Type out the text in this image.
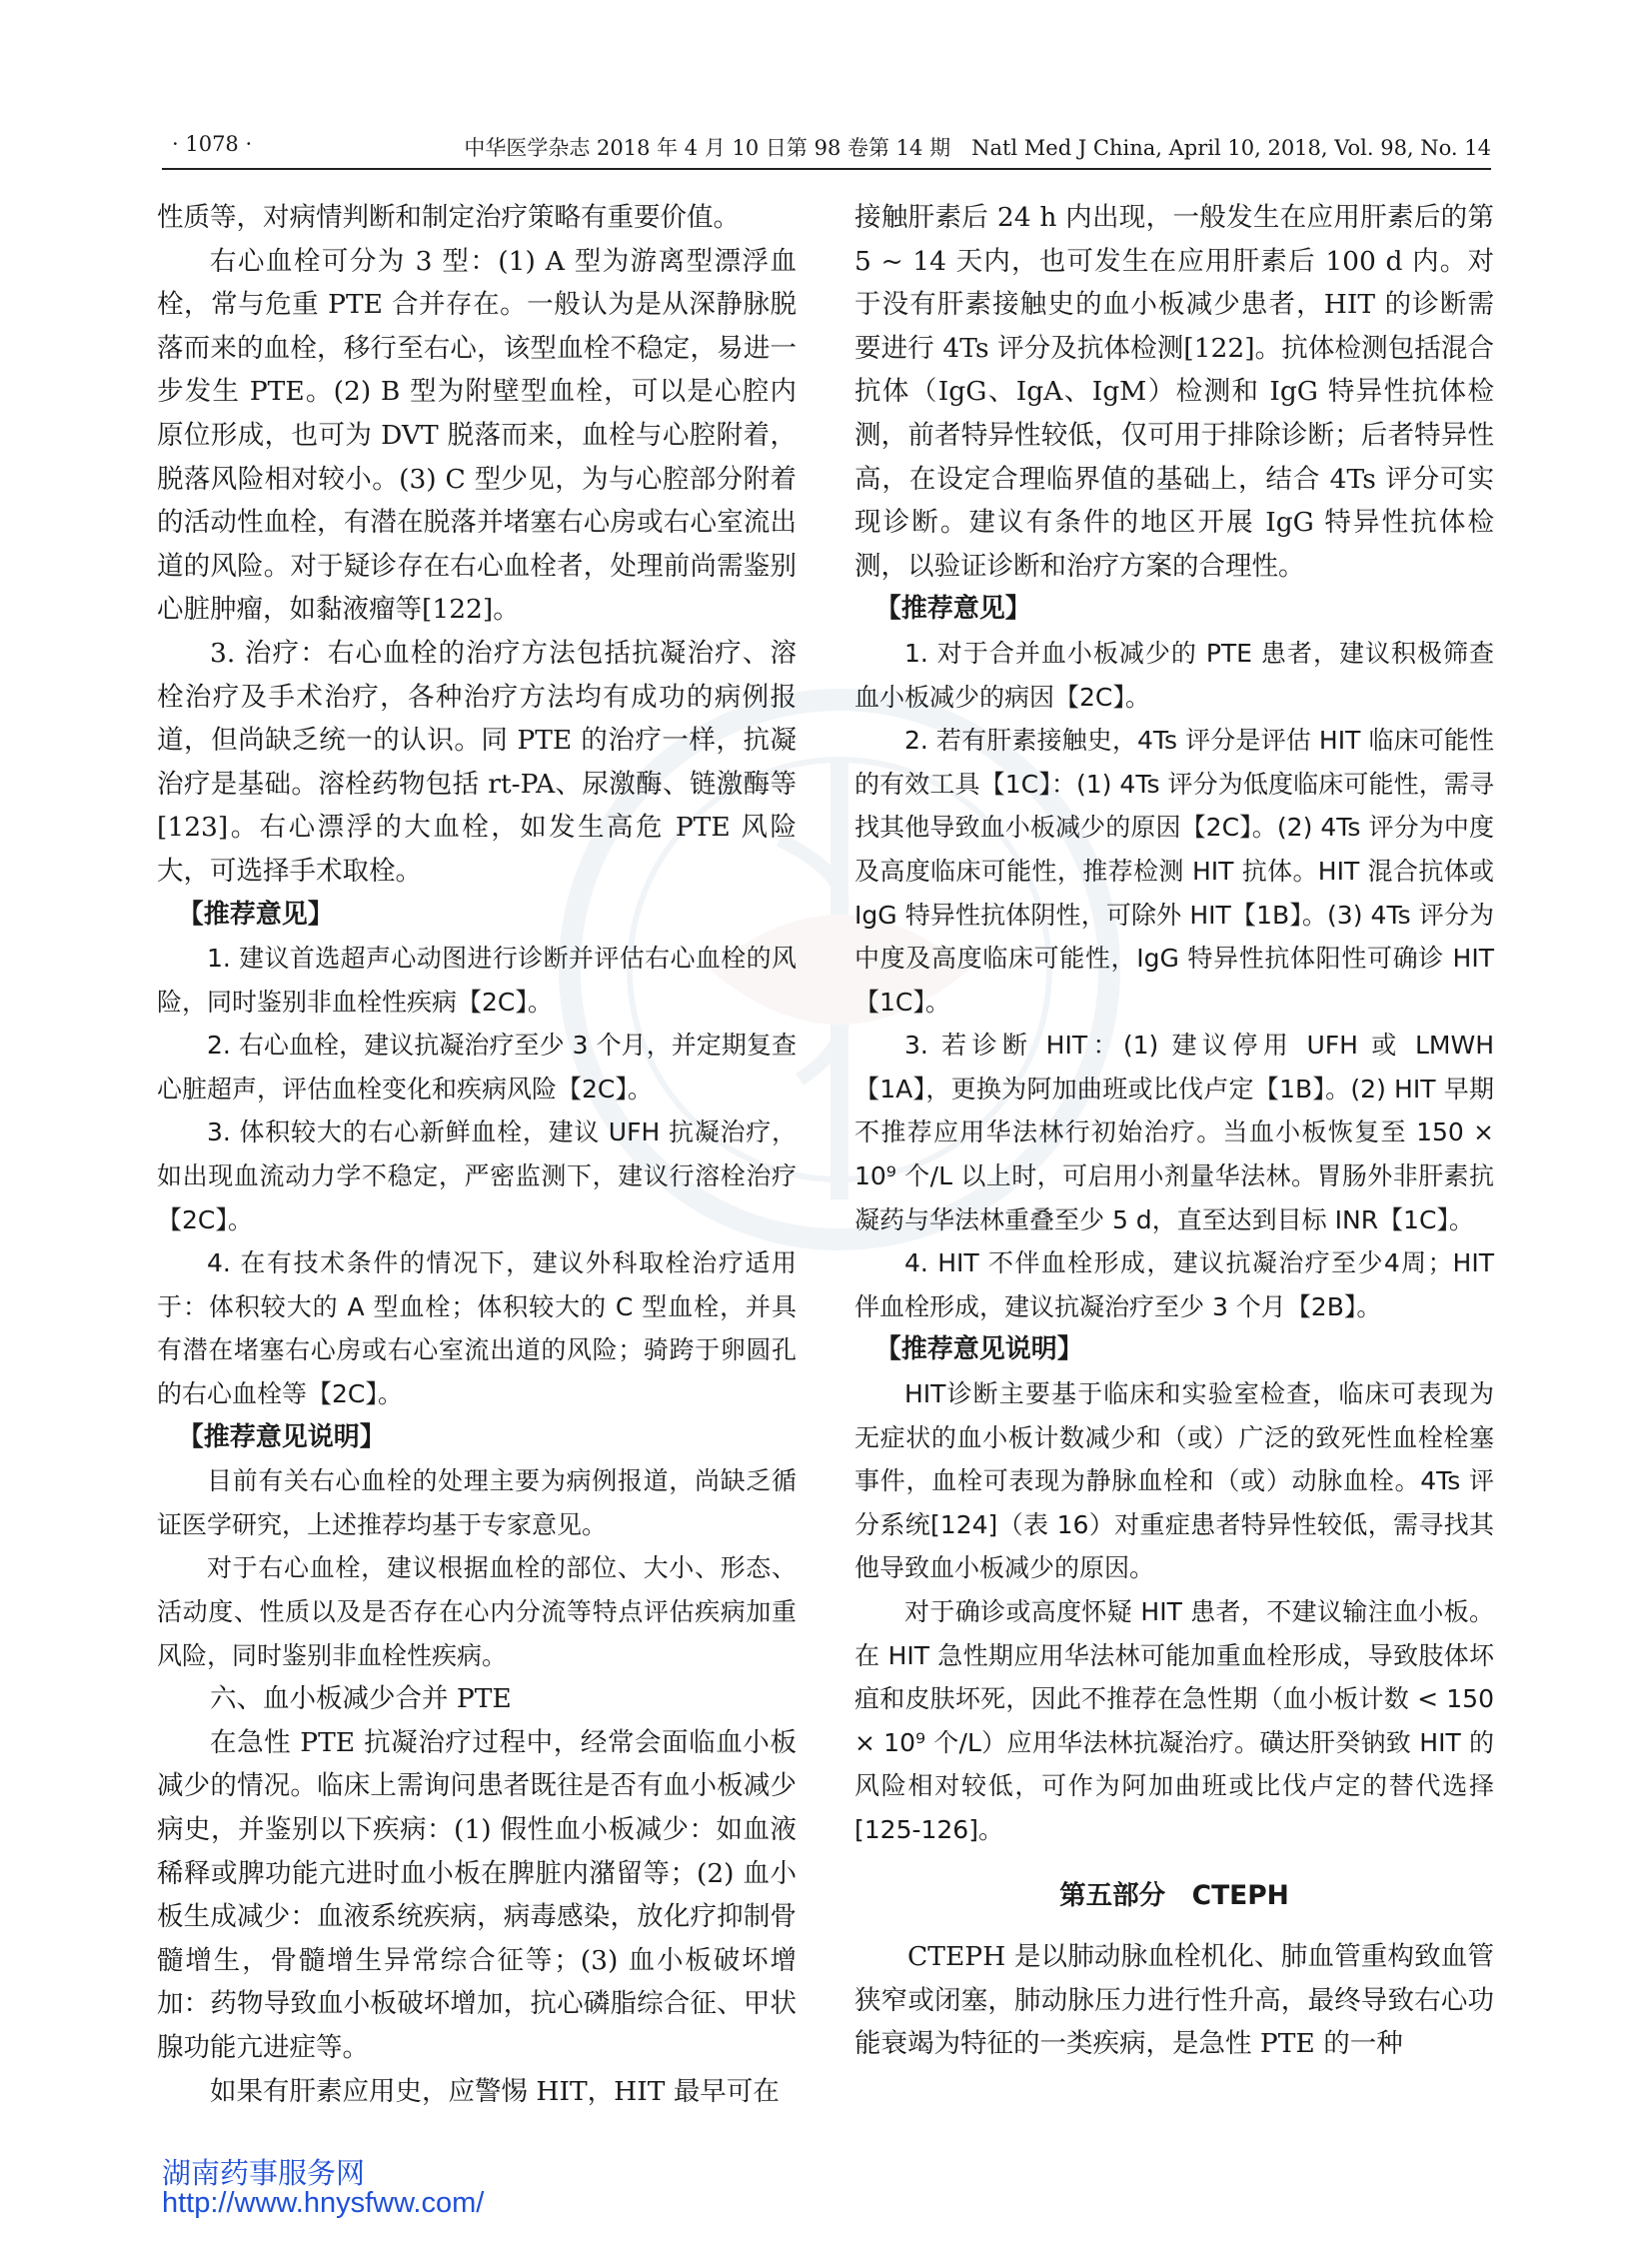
· 1078 ·	中华医学杂志 2018 年 4 月 10 日第 98 卷第 14 期　Natl Med J China, April 10, 2018, Vol. 98, No. 14

性质等，对病情判断和制定治疗策略有重要价值。

右心血栓可分为 3 型：(1) A 型为游离型漂浮血栓，常与危重 PTE 合并存在。一般认为是从深静脉脱落而来的血栓，移行至右心，该型血栓不稳定，易进一步发生 PTE。(2) B 型为附壁型血栓，可以是心腔内原位形成，也可为 DVT 脱落而来，血栓与心腔附着，脱落风险相对较小。(3) C 型少见，为与心腔部分附着的活动性血栓，有潜在脱落并堵塞右心房或右心室流出道的风险。对于疑诊存在右心血栓者，处理前尚需鉴别心脏肿瘤，如黏液瘤等[122]。

3. 治疗：右心血栓的治疗方法包括抗凝治疗、溶栓治疗及手术治疗，各种治疗方法均有成功的病例报道，但尚缺乏统一的认识。同 PTE 的治疗一样，抗凝治疗是基础。溶栓药物包括 rt-PA、尿激酶、链激酶等[123]。右心漂浮的大血栓，如发生高危 PTE 风险大，可选择手术取栓。

【推荐意见】

1. 建议首选超声心动图进行诊断并评估右心血栓的风险，同时鉴别非血栓性疾病【2C】。

2. 右心血栓，建议抗凝治疗至少 3 个月，并定期复查心脏超声，评估血栓变化和疾病风险【2C】。

3. 体积较大的右心新鲜血栓，建议 UFH 抗凝治疗，如出现血流动力学不稳定，严密监测下，建议行溶栓治疗【2C】。

4. 在有技术条件的情况下，建议外科取栓治疗适用于：体积较大的 A 型血栓；体积较大的 C 型血栓，并具有潜在堵塞右心房或右心室流出道的风险；骑跨于卵圆孔的右心血栓等【2C】。

【推荐意见说明】

目前有关右心血栓的处理主要为病例报道，尚缺乏循证医学研究，上述推荐均基于专家意见。

对于右心血栓，建议根据血栓的部位、大小、形态、活动度、性质以及是否存在心内分流等特点评估疾病加重风险，同时鉴别非血栓性疾病。

六、血小板减少合并 PTE

在急性 PTE 抗凝治疗过程中，经常会面临血小板减少的情况。临床上需询问患者既往是否有血小板减少病史，并鉴别以下疾病：(1) 假性血小板减少：如血液稀释或脾功能亢进时血小板在脾脏内潴留等；(2) 血小板生成减少：血液系统疾病，病毒感染，放化疗抑制骨髓增生，骨髓增生异常综合征等；(3) 血小板破坏增加：药物导致血小板破坏增加，抗心磷脂综合征、甲状腺功能亢进症等。

如果有肝素应用史，应警惕 HIT，HIT 最早可在

接触肝素后 24 h 内出现，一般发生在应用肝素后的第 5 ~ 14 天内，也可发生在应用肝素后 100 d 内。对于没有肝素接触史的血小板减少患者，HIT 的诊断需要进行 4Ts 评分及抗体检测[122]。抗体检测包括混合抗体（IgG、IgA、IgM）检测和 IgG 特异性抗体检测，前者特异性较低，仅可用于排除诊断；后者特异性高，在设定合理临界值的基础上，结合 4Ts 评分可实现诊断。建议有条件的地区开展 IgG 特异性抗体检测，以验证诊断和治疗方案的合理性。

【推荐意见】

1. 对于合并血小板减少的 PTE 患者，建议积极筛查血小板减少的病因【2C】。

2. 若有肝素接触史，4Ts 评分是评估 HIT 临床可能性的有效工具【1C】：(1) 4Ts 评分为低度临床可能性，需寻找其他导致血小板减少的原因【2C】。(2) 4Ts 评分为中度及高度临床可能性，推荐检测 HIT 抗体。HIT 混合抗体或 IgG 特异性抗体阴性，可除外 HIT【1B】。(3) 4Ts 评分为中度及高度临床可能性，IgG 特异性抗体阳性可确诊 HIT【1C】。

3. 若诊断 HIT：(1) 建议停用 UFH 或 LMWH【1A】，更换为阿加曲班或比伐卢定【1B】。(2) HIT 早期不推荐应用华法林行初始治疗。当血小板恢复至 150 × 10⁹ 个/L 以上时，可启用小剂量华法林。胃肠外非肝素抗凝药与华法林重叠至少 5 d，直至达到目标 INR【1C】。

4. HIT 不伴血栓形成，建议抗凝治疗至少4周；HIT 伴血栓形成，建议抗凝治疗至少 3 个月【2B】。

【推荐意见说明】

HIT诊断主要基于临床和实验室检查，临床可表现为无症状的血小板计数减少和（或）广泛的致死性血栓栓塞事件，血栓可表现为静脉血栓和（或）动脉血栓。4Ts 评分系统[124]（表 16）对重症患者特异性较低，需寻找其他导致血小板减少的原因。

对于确诊或高度怀疑 HIT 患者，不建议输注血小板。在 HIT 急性期应用华法林可能加重血栓形成，导致肢体坏疽和皮肤坏死，因此不推荐在急性期（血小板计数 < 150 × 10⁹ 个/L）应用华法林抗凝治疗。磺达肝癸钠致 HIT 的风险相对较低，可作为阿加曲班或比伐卢定的替代选择[125-126]。

第五部分　CTEPH

CTEPH 是以肺动脉血栓机化、肺血管重构致血管狭窄或闭塞，肺动脉压力进行性升高，最终导致右心功能衰竭为特征的一类疾病，是急性 PTE 的一种

湖南药事服务网
http://www.hnysfww.com/
